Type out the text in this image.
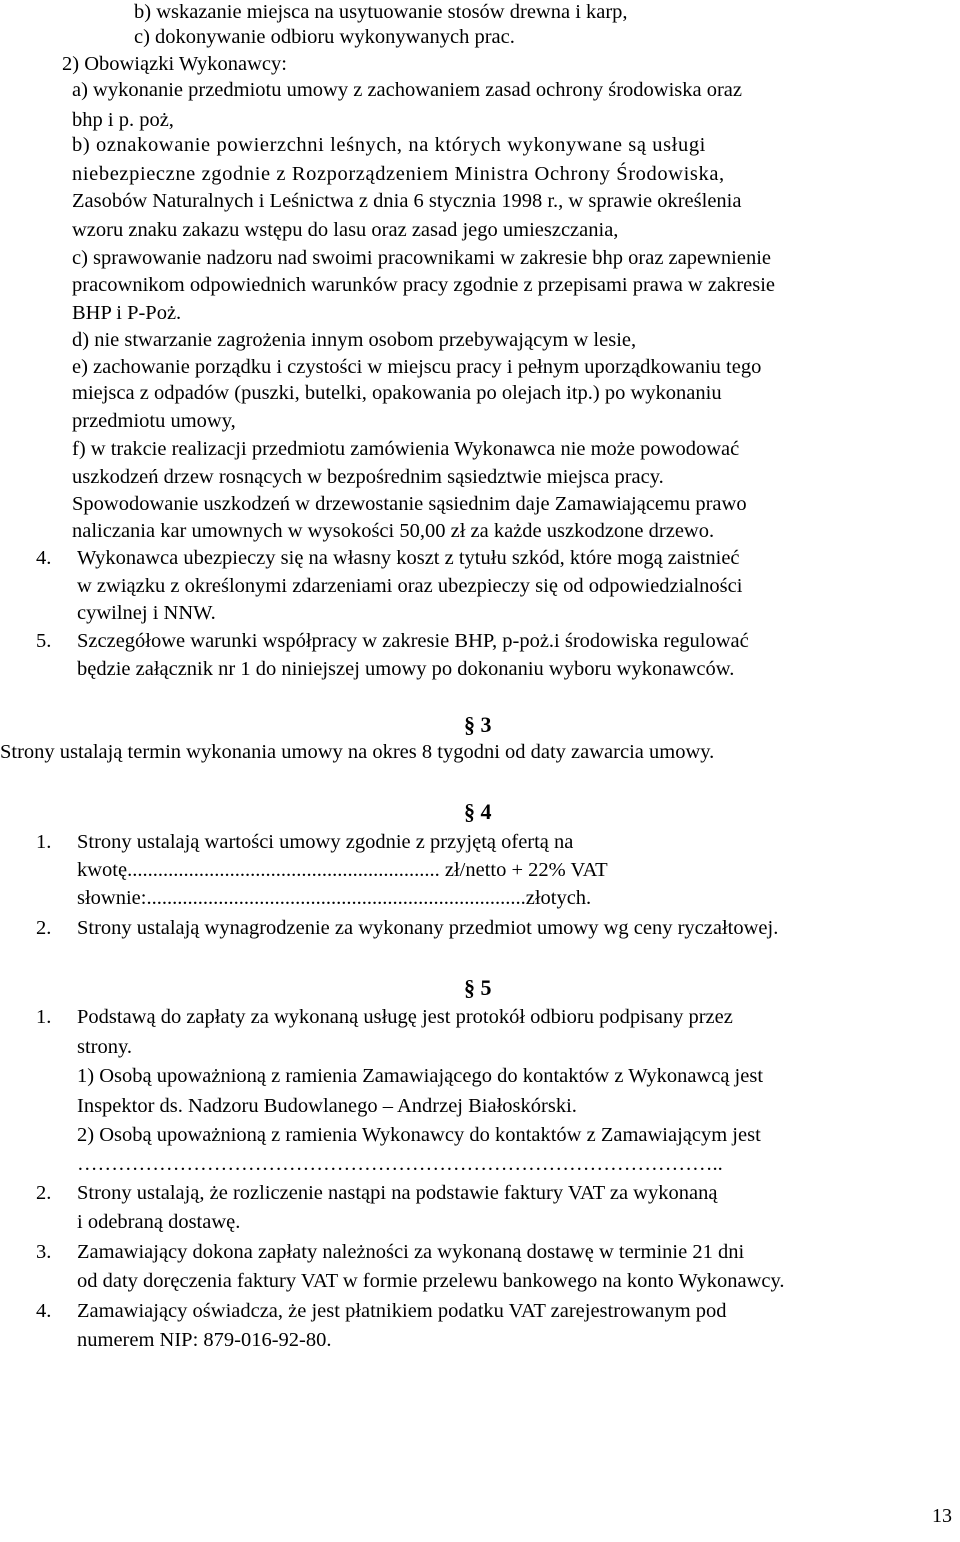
b) wskazanie miejsca na usytuowanie stosów drewna i karp,
c) dokonywanie odbioru wykonywanych prac.
2) Obowiązki Wykonawcy:
a) wykonanie przedmiotu umowy z zachowaniem zasad ochrony środowiska oraz
bhp i p. poż,
b) oznakowanie powierzchni leśnych, na których wykonywane są usługi
niebezpieczne zgodnie z Rozporządzeniem Ministra Ochrony Środowiska,
Zasobów Naturalnych i Leśnictwa z dnia 6 stycznia 1998 r., w sprawie określenia
wzoru znaku zakazu wstępu do lasu oraz zasad jego umieszczania,
c) sprawowanie nadzoru nad swoimi pracownikami w zakresie bhp oraz zapewnienie
pracownikom odpowiednich warunków pracy zgodnie z przepisami prawa w zakresie
BHP i P-Poż.
d) nie stwarzanie zagrożenia innym osobom przebywającym w lesie,
e) zachowanie porządku i czystości w miejscu pracy i pełnym uporządkowaniu tego
miejsca z odpadów (puszki, butelki, opakowania po olejach itp.) po wykonaniu
przedmiotu umowy,
f) w trakcie realizacji przedmiotu zamówienia Wykonawca nie może powodować
uszkodzeń drzew rosnących w bezpośrednim sąsiedztwie miejsca pracy.
Spowodowanie uszkodzeń w drzewostanie sąsiednim daje Zamawiającemu prawo
naliczania kar umownych w wysokości 50,00 zł za każde uszkodzone drzewo.
4. Wykonawca ubezpieczy się na własny koszt z tytułu szkód, które mogą zaistnieć
w związku z określonymi zdarzeniami oraz ubezpieczy się od odpowiedzialności
cywilnej i NNW.
5. Szczegółowe warunki współpracy w zakresie BHP, p-poż.i środowiska regulować
będzie załącznik nr 1 do niniejszej umowy po dokonaniu wyboru wykonawców.
Strony ustalają termin wykonania umowy na okres 8 tygodni od daty zawarcia umowy.
1. Strony ustalają wartości umowy zgodnie z przyjętą ofertą na
kwotę............................................................. zł/netto + 22% VAT
słownie:..........................................................................złotych.
2. Strony ustalają wynagrodzenie za wykonany przedmiot umowy wg ceny ryczałtowej.
1. Podstawą do zapłaty za wykonaną usługę jest protokół odbioru podpisany przez
strony.
1) Osobą upoważnioną z ramienia Zamawiającego do kontaktów z Wykonawcą jest
Inspektor ds. Nadzoru Budowlanego – Andrzej Białoskórski.
2) Osobą upoważnioną z ramienia Wykonawcy do kontaktów z Zamawiającym jest
…………………………………………………………………………………..
2. Strony ustalają, że rozliczenie nastąpi na podstawie faktury VAT za wykonaną
i odebraną dostawę.
3. Zamawiający dokona zapłaty należności za wykonaną dostawę w terminie 21 dni
od daty doręczenia faktury VAT w formie przelewu bankowego na konto Wykonawcy.
4. Zamawiający oświadcza, że jest płatnikiem podatku VAT zarejestrowanym pod
numerem NIP: 879-016-92-80.
§ 3
§ 4
§ 5
13
